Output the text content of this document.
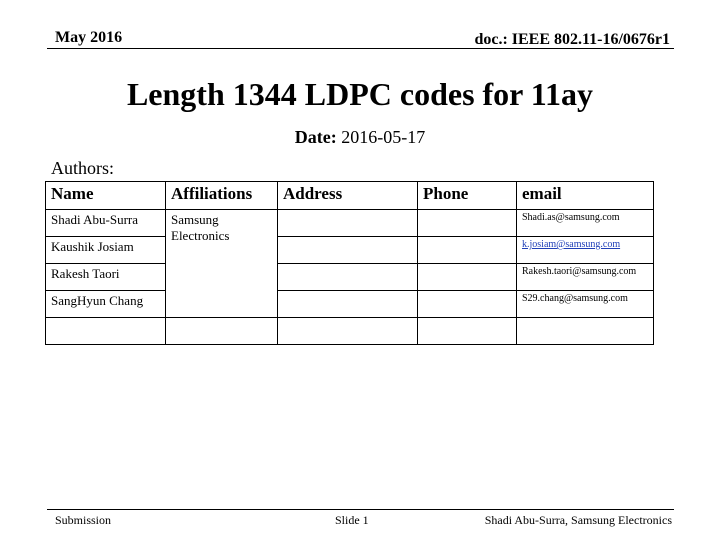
May 2016	doc.: IEEE 802.11-16/0676r1
Length 1344 LDPC codes for 11ay
Date: 2016-05-17
Authors:
Name	Affiliations	Address	Phone	email
Shadi Abu-Surra	Samsung Electronics			Shadi.as@samsung.com
Kaushik Josiam				k.josiam@samsung.com
Rakesh Taori				Rakesh.taori@samsung.com
SangHyun Chang				S29.chang@samsung.com

Submission	Slide 1	Shadi Abu-Surra, Samsung Electronics
